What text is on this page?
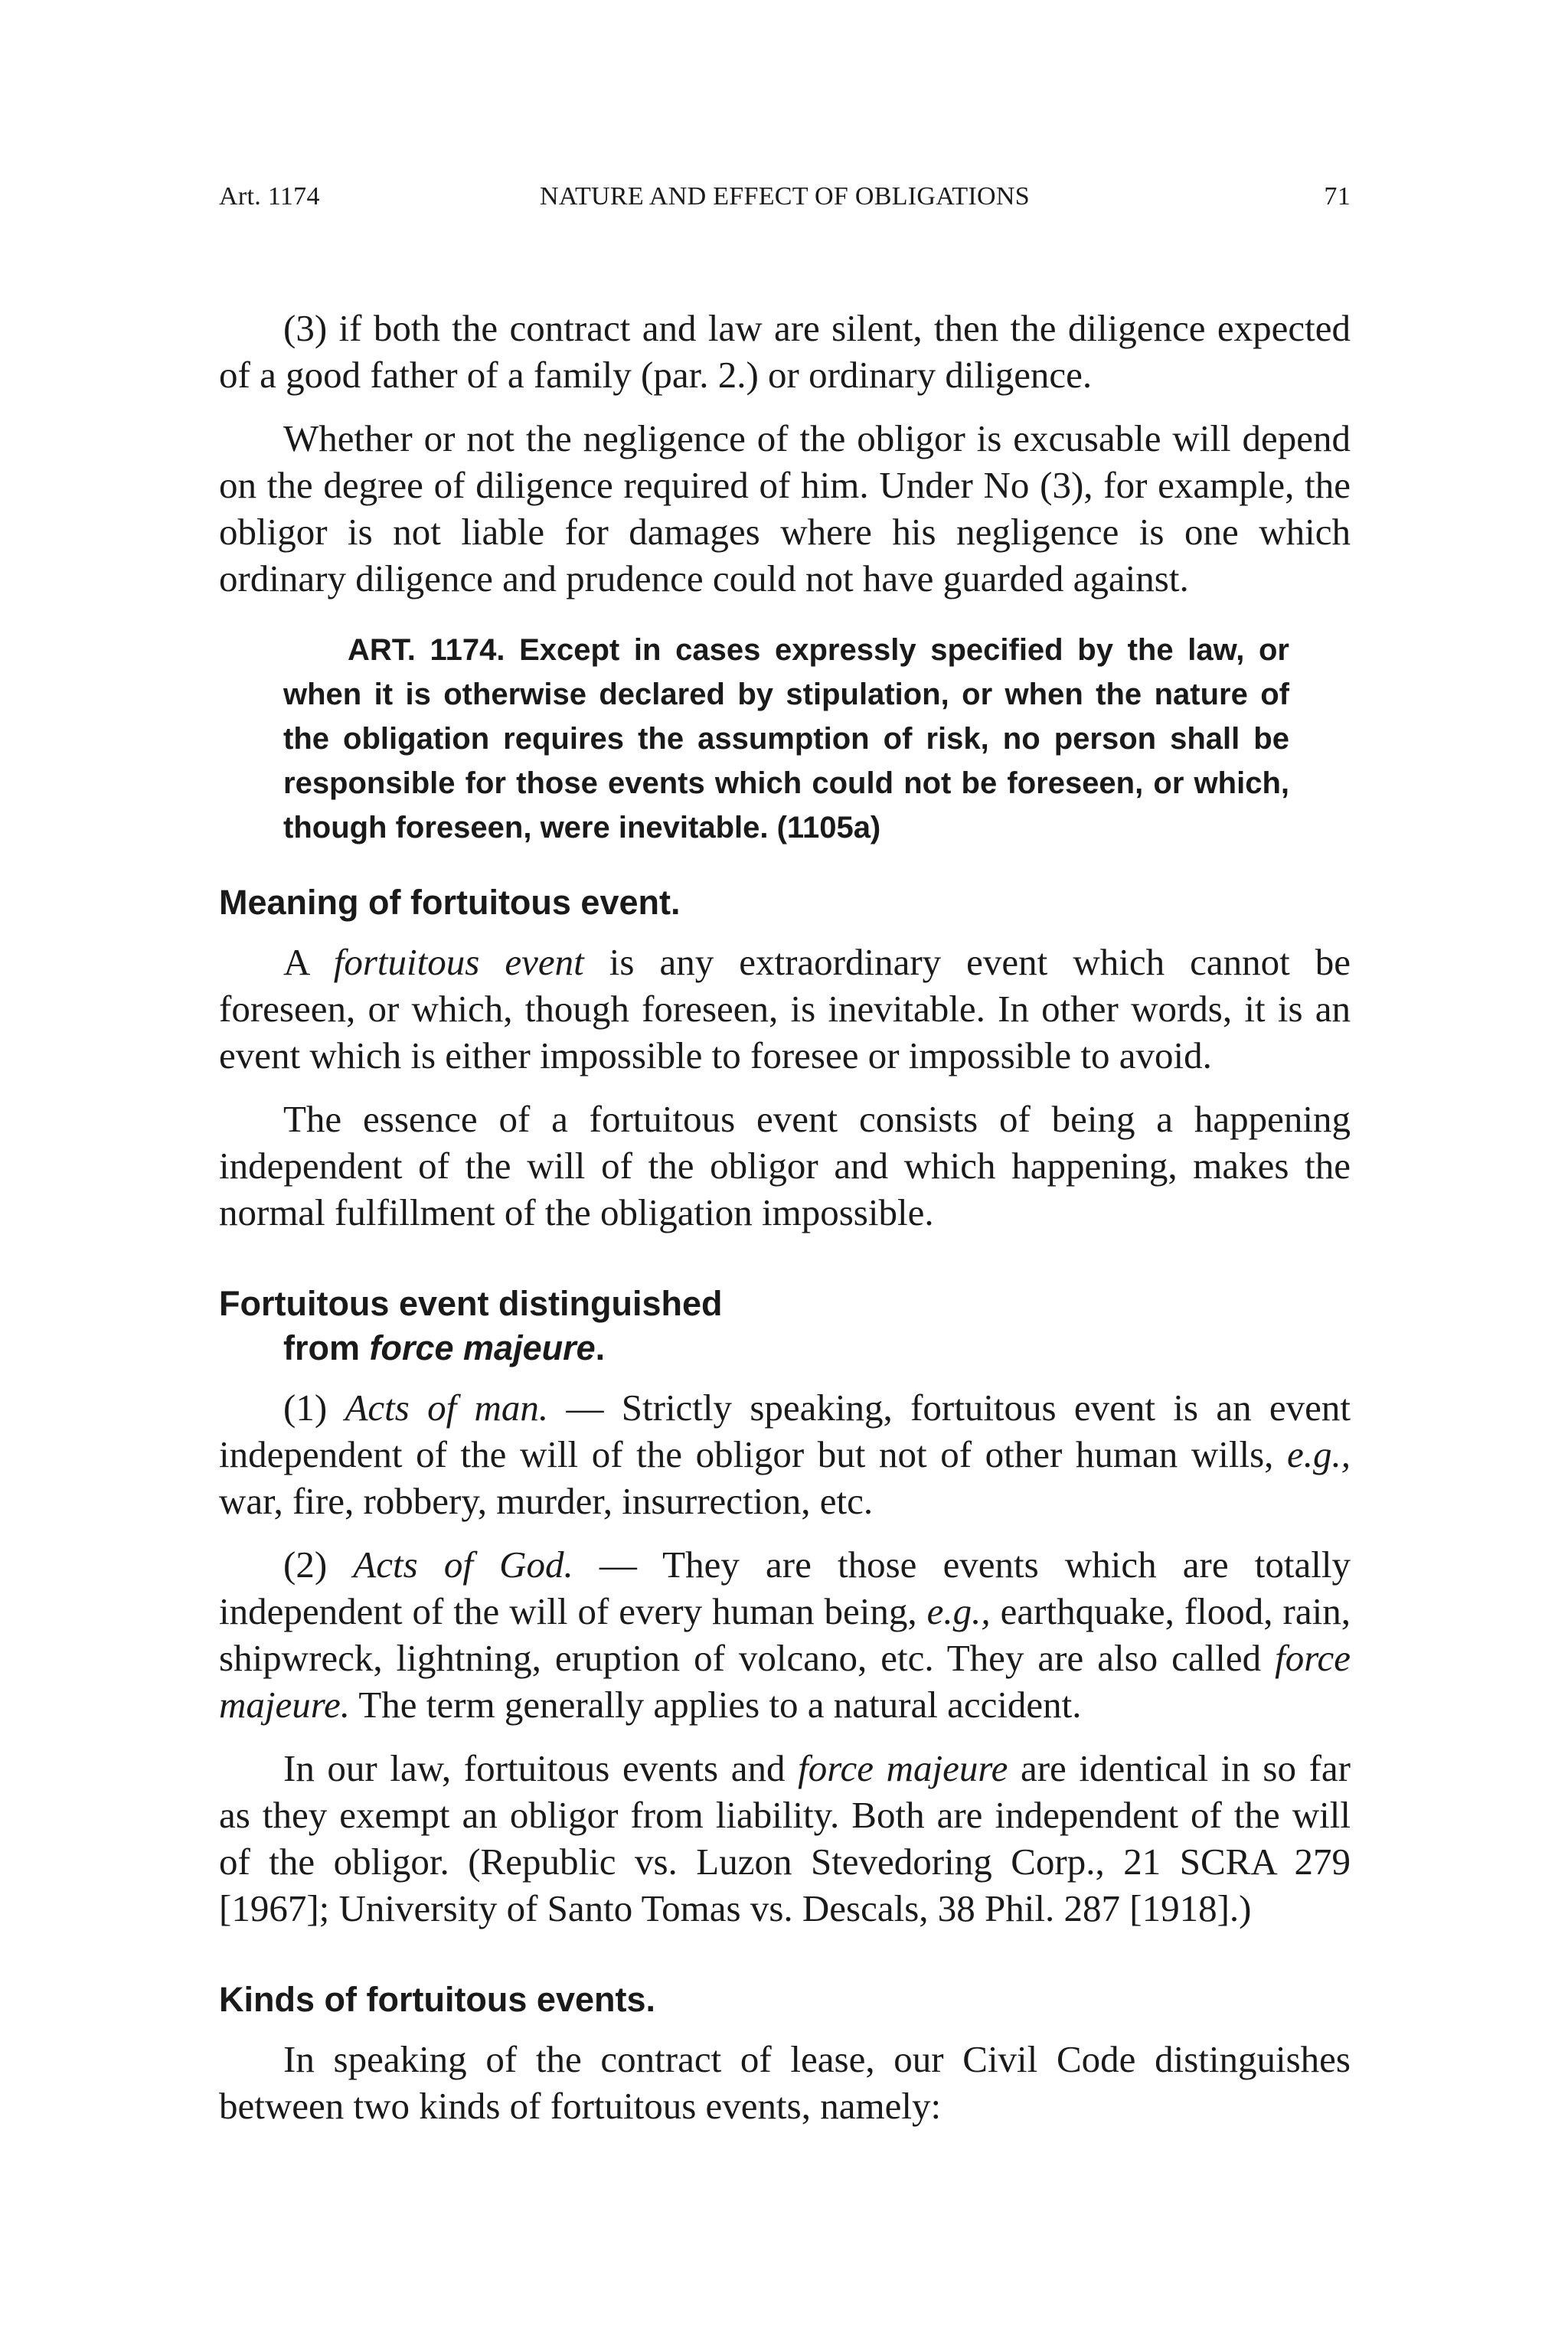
Art. 1174	NATURE AND EFFECT OF OBLIGATIONS	71

(3) if both the contract and law are silent, then the diligence expected of a good father of a family (par. 2.) or ordinary diligence.

Whether or not the negligence of the obligor is excusable will depend on the degree of diligence required of him. Under No (3), for example, the obligor is not liable for damages where his negligence is one which ordinary diligence and prudence could not have guarded against.

ART. 1174. Except in cases expressly specified by the law, or when it is otherwise declared by stipulation, or when the nature of the obligation requires the assumption of risk, no person shall be responsible for those events which could not be foreseen, or which, though foreseen, were inevitable. (1105a)
Meaning of fortuitous event.

A fortuitous event is any extraordinary event which cannot be foreseen, or which, though foreseen, is inevitable. In other words, it is an event which is either impossible to foresee or impossible to avoid.

The essence of a fortuitous event consists of being a happening independent of the will of the obligor and which happening, makes the normal fulfillment of the obligation impossible.

Fortuitous event distinguished
from force majeure.

(1) Acts of man. — Strictly speaking, fortuitous event is an event independent of the will of the obligor but not of other human wills, e.g., war, fire, robbery, murder, insurrection, etc.

(2) Acts of God. — They are those events which are totally independent of the will of every human being, e.g., earthquake, flood, rain, shipwreck, lightning, eruption of volcano, etc. They are also called force majeure. The term generally applies to a natural accident.

In our law, fortuitous events and force majeure are identical in so far as they exempt an obligor from liability. Both are independent of the will of the obligor. (Republic vs. Luzon Stevedoring Corp., 21 SCRA 279 [1967]; University of Santo Tomas vs. Descals, 38 Phil. 287 [1918].)

Kinds of fortuitous events.

In speaking of the contract of lease, our Civil Code distinguishes between two kinds of fortuitous events, namely:
